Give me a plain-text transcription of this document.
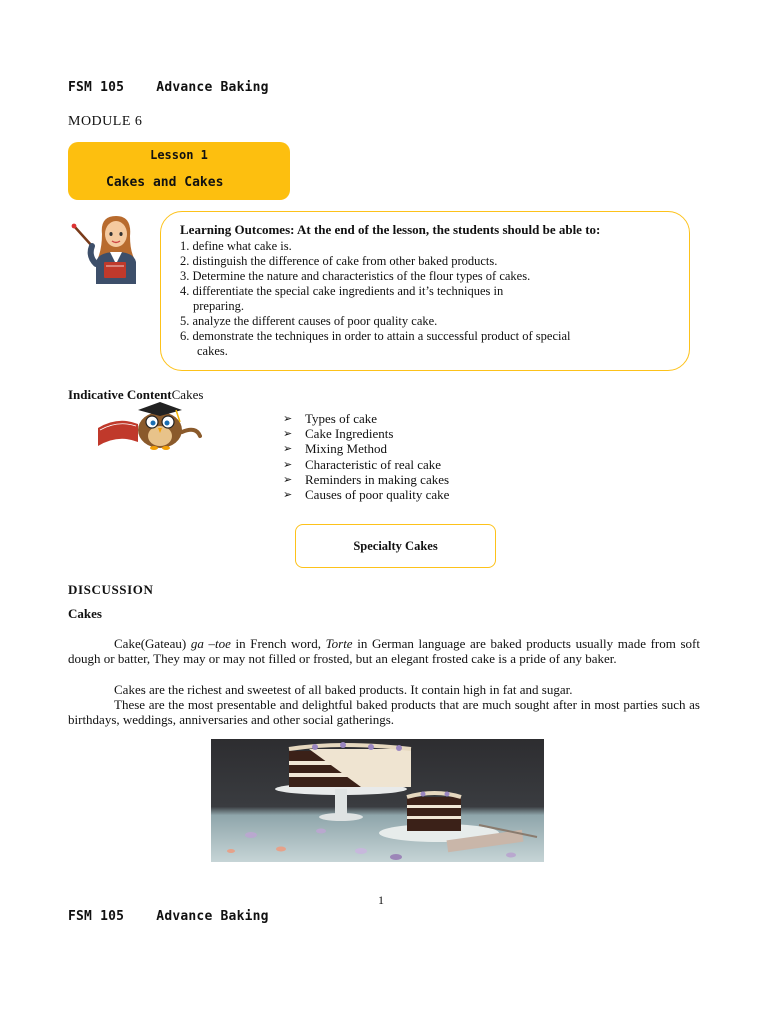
FSM 105 Advance Baking
MODULE 6
Lesson 1
Cakes and Cakes
Learning Outcomes: At the end of the lesson, the students should be able to:
1. define what cake is.
2. distinguish the difference of cake from other baked products.
3. Determine the nature and characteristics of the flour types of cakes.
4. differentiate the special cake ingredients and it’s techniques in
preparing.
5. analyze the different causes of poor quality cake.
6. demonstrate the techniques in order to attain a successful product of special
cakes.
Indicative ContentCakes
➢ Types of cake
➢ Cake Ingredients
➢ Mixing Method
➢ Characteristic of real cake
➢ Reminders in making cakes
➢ Causes of poor quality cake
Specialty Cakes
DISCUSSION
Cakes
Cake(Gateau) ga –toe in French word, Torte in German language are baked products usually made from soft dough or batter, They may or may not filled or frosted, but an elegant frosted cake is a pride of any baker.
Cakes are the richest and sweetest of all baked products. It contain high in fat and sugar.
These are the most presentable and delightful baked products that are much sought after in most parties such as birthdays, weddings, anniversaries and other social gatherings.
1
FSM 105 Advance Baking
